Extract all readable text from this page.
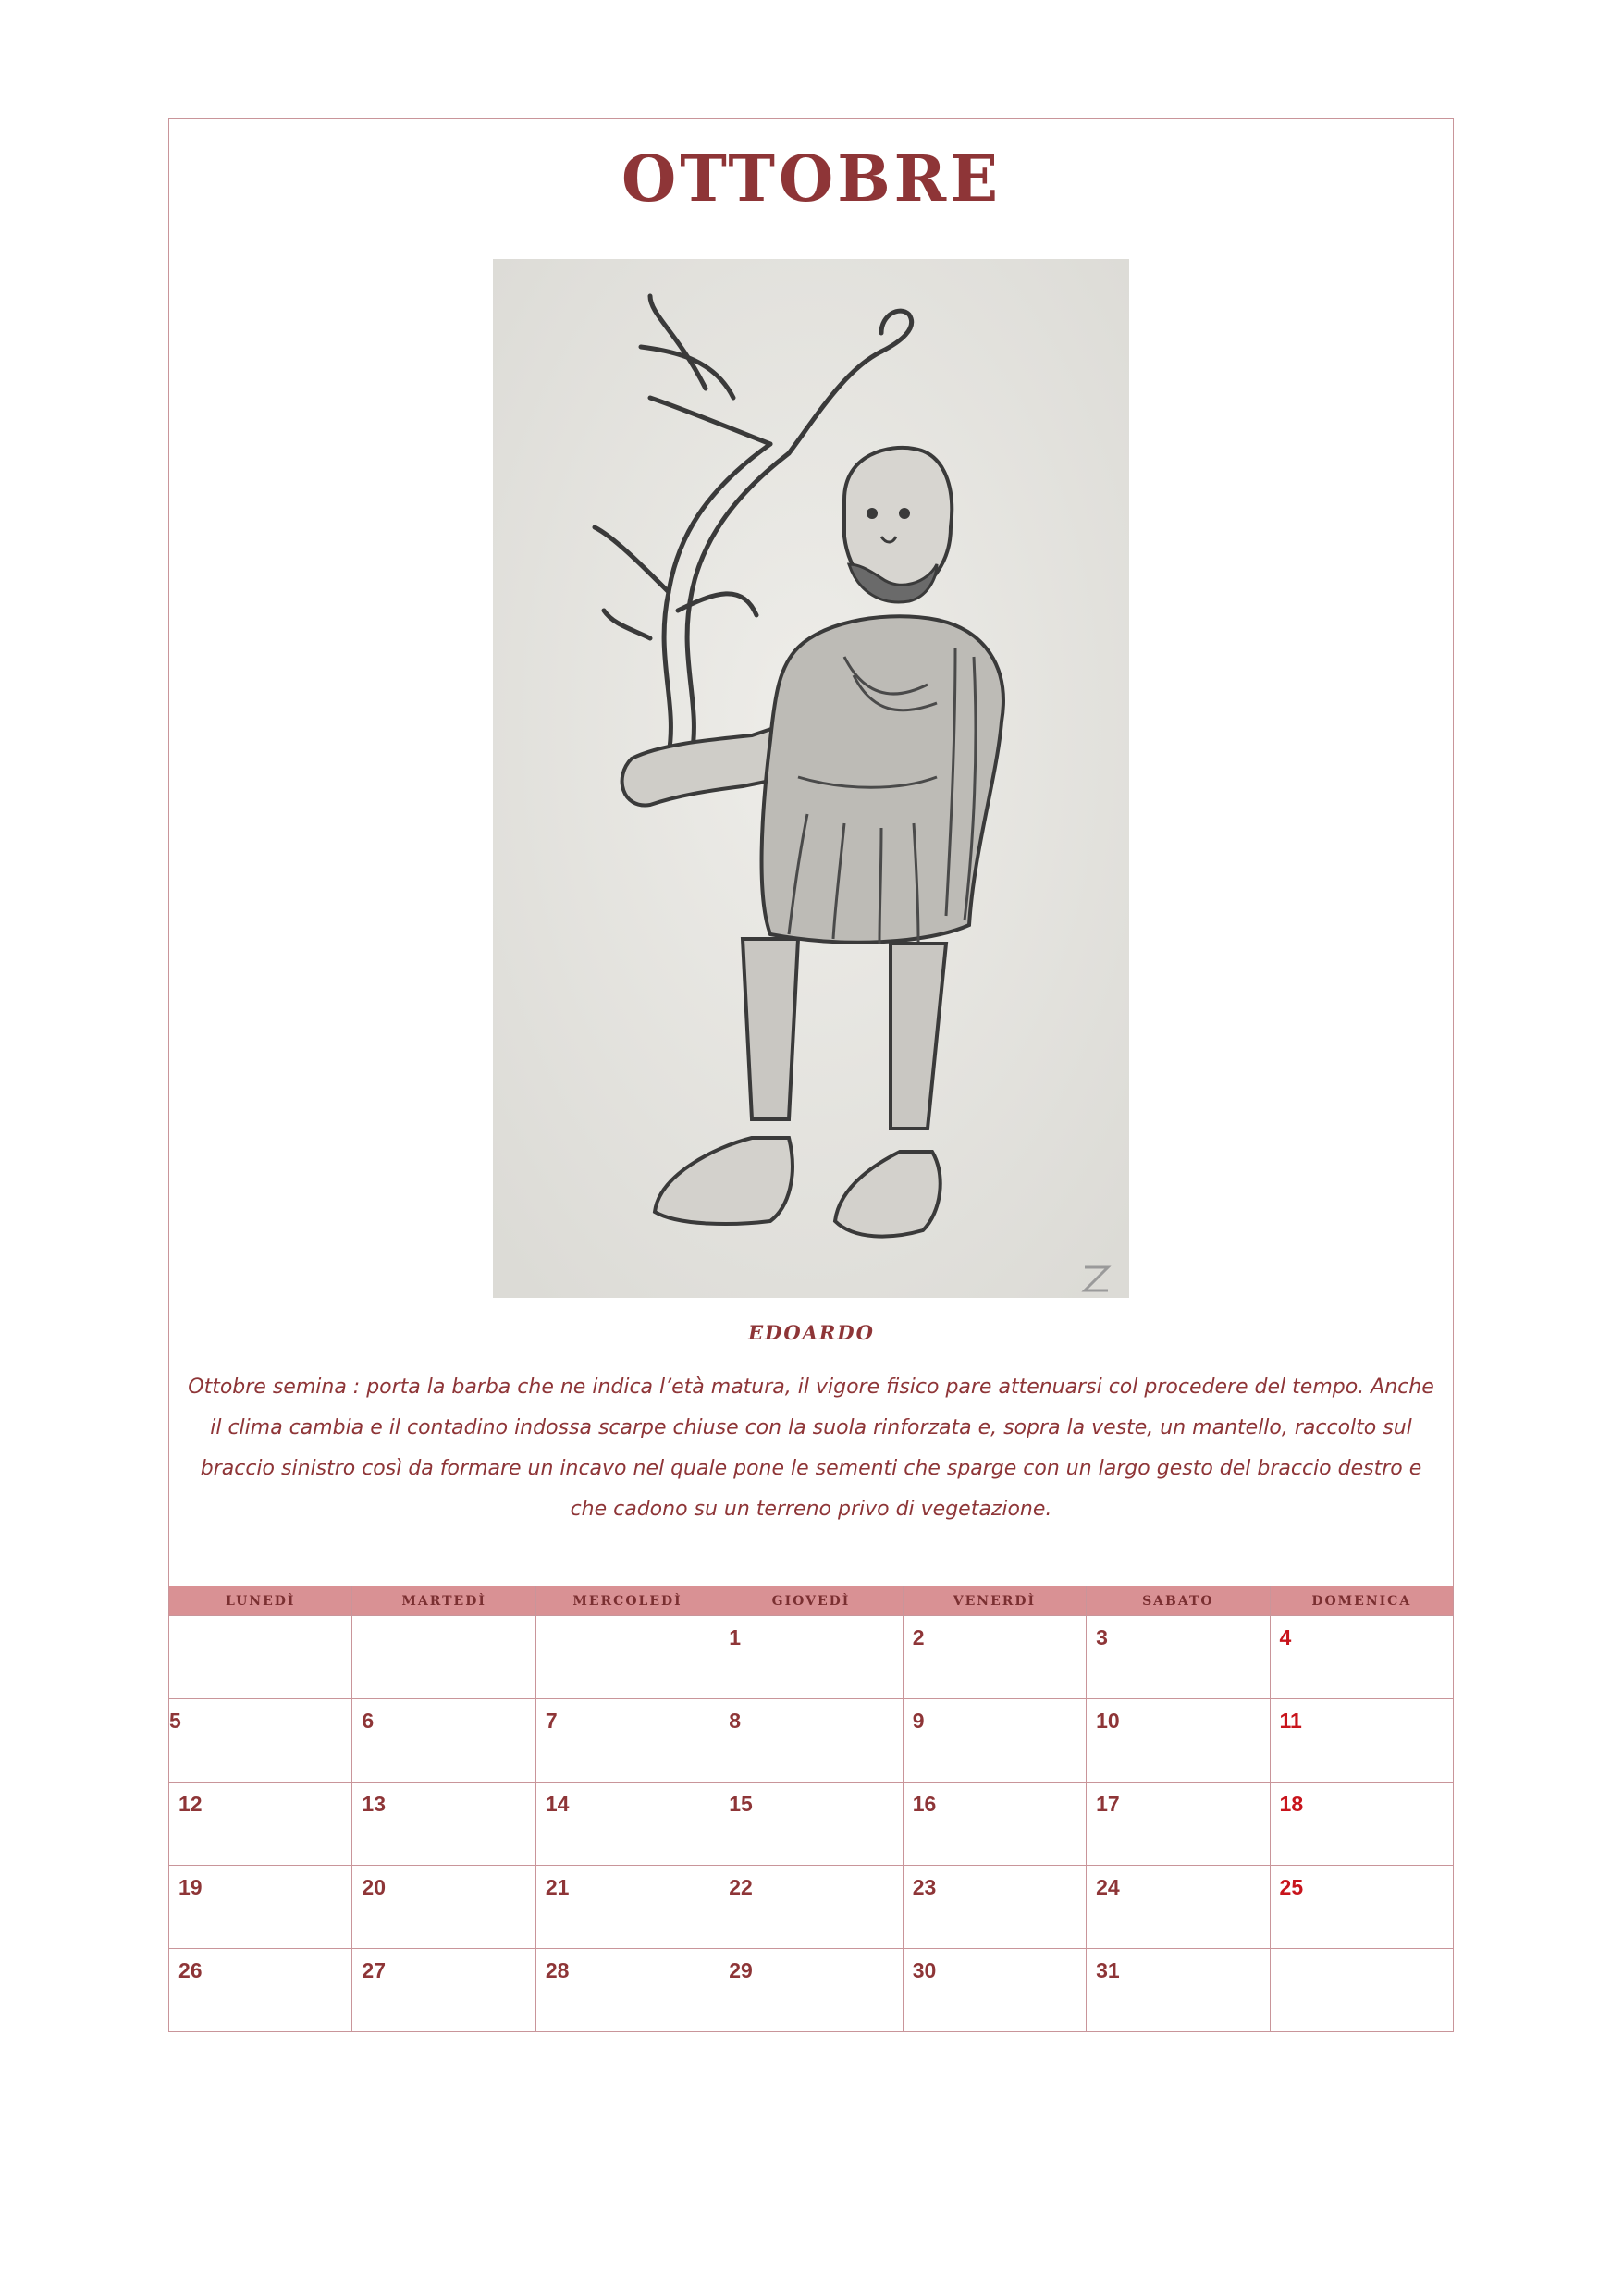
OTTOBRE
EDOARDO
Ottobre semina : porta la barba che ne indica l’età matura, il vigore fisico pare attenuarsi col procedere del tempo. Anche il clima cambia e il contadino indossa scarpe chiuse con la suola rinforzata e, sopra la veste, un mantello, raccolto sul braccio sinistro così da formare un incavo nel quale pone le sementi che sparge con un largo gesto del braccio destro e che cadono su un terreno privo di vegetazione.
LUNEDÌ	MARTEDÌ	MERCOLEDÌ	GIOVEDÌ	VENERDÌ	SABATO	DOMENICA
			1	2	3	4
5	6	7	8	9	10	11
12	13	14	15	16	17	18
19	20	21	22	23	24	25
26	27	28	29	30	31	
